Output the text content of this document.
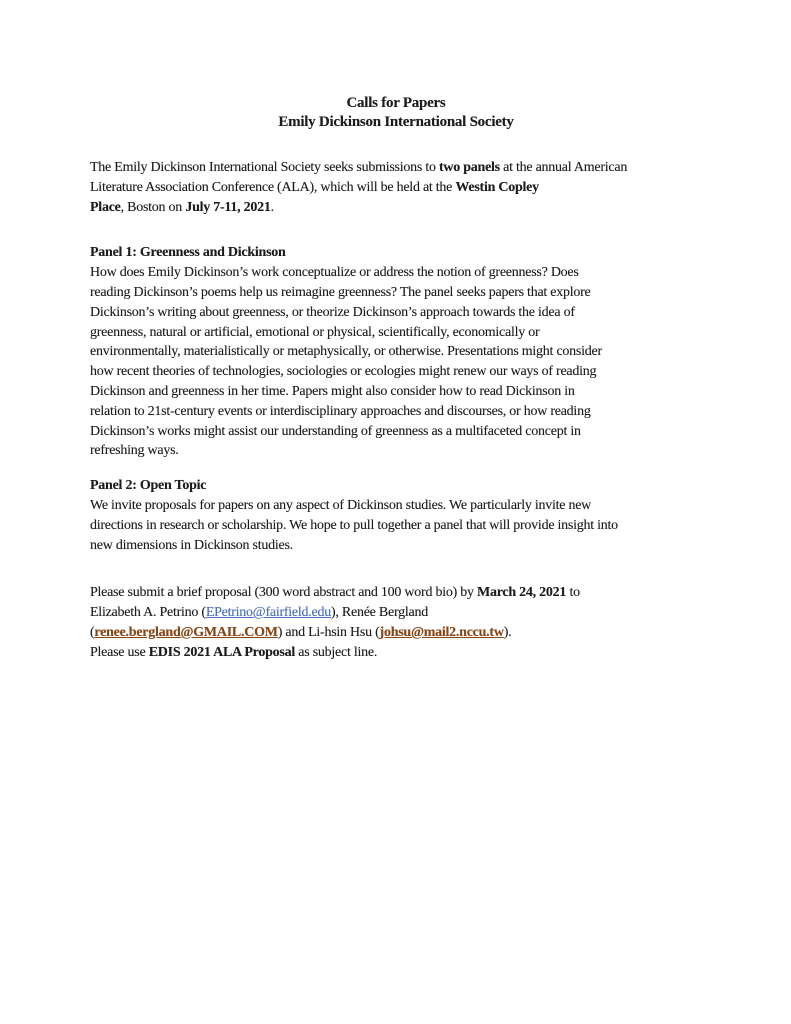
Calls for Papers
Emily Dickinson International Society
The Emily Dickinson International Society seeks submissions to two panels at the annual American
Literature Association Conference (ALA), which will be held at the Westin Copley
Place, Boston on July 7-11, 2021.
Panel 1: Greenness and Dickinson
How does Emily Dickinson’s work conceptualize or address the notion of greenness? Does
reading Dickinson’s poems help us reimagine greenness? The panel seeks papers that explore
Dickinson’s writing about greenness, or theorize Dickinson’s approach towards the idea of
greenness, natural or artificial, emotional or physical, scientifically, economically or
environmentally, materialistically or metaphysically, or otherwise. Presentations might consider
how recent theories of technologies, sociologies or ecologies might renew our ways of reading
Dickinson and greenness in her time. Papers might also consider how to read Dickinson in
relation to 21st-century events or interdisciplinary approaches and discourses, or how reading
Dickinson’s works might assist our understanding of greenness as a multifaceted concept in
refreshing ways.
Panel 2: Open Topic
We invite proposals for papers on any aspect of Dickinson studies. We particularly invite new
directions in research or scholarship. We hope to pull together a panel that will provide insight into
new dimensions in Dickinson studies.
Please submit a brief proposal (300 word abstract and 100 word bio) by March 24, 2021 to
Elizabeth A. Petrino (EPetrino@fairfield.edu), Renée Bergland
(renee.bergland@GMAIL.COM) and Li-hsin Hsu (johsu@mail2.nccu.tw).
Please use EDIS 2021 ALA Proposal as subject line.
